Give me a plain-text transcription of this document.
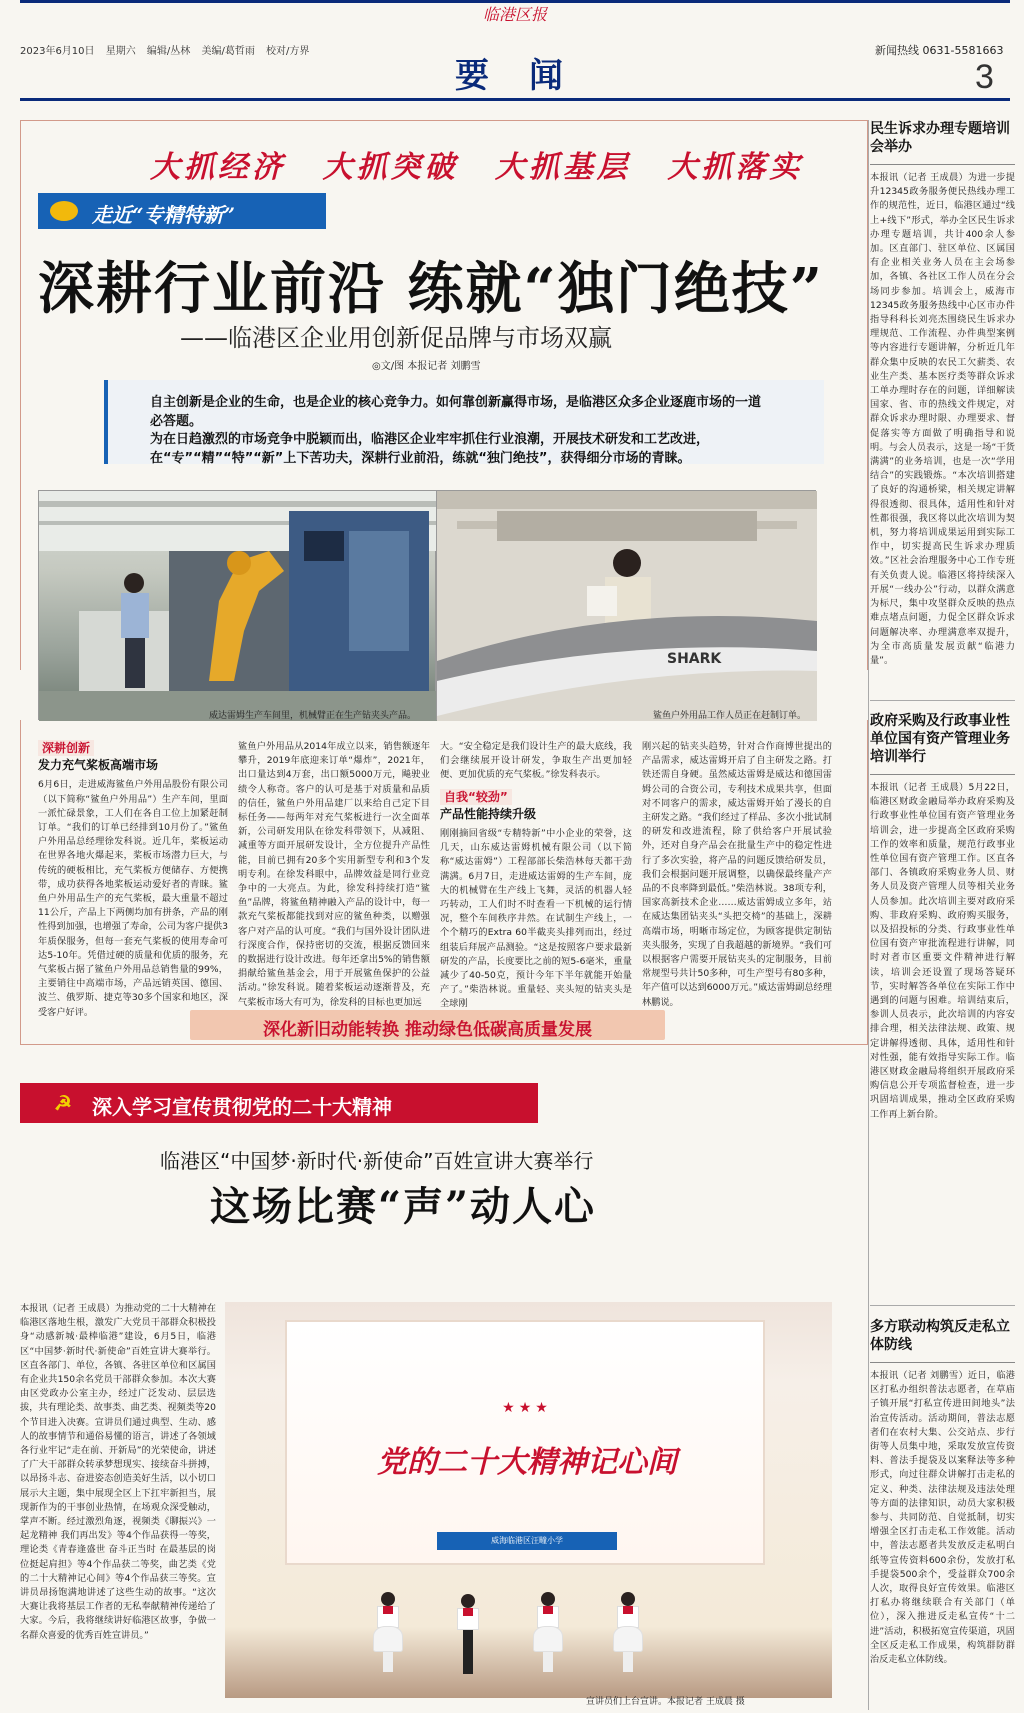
临港区报
2023年6月10日 星期六 编辑/丛林 美编/葛哲雨 校对/方界
要闻
新闻热线 0631-5581663
3
大抓经济 大抓突破 大抓基层 大抓落实
走近“专精特新”
深耕行业前沿 练就“独门绝技”
——临港区企业用创新促品牌与市场双赢
◎文/图 本报记者 刘鹏雪
自主创新是企业的生命，也是企业的核心竞争力。如何靠创新赢得市场，是临港区众多企业逐鹿市场的一道必答题。
为在日趋激烈的市场竞争中脱颖而出，临港区企业牢牢抓住行业浪潮，开展技术研发和工艺改进，在“专”“精”“特”“新”上下苦功夫，深耕行业前沿，练就“独门绝技”，获得细分市场的青睐。
SHARK
威达雷姆生产车间里，机械臂正在生产钻夹头产品。	鲨鱼户外用品工作人员正在赶制订单。
深耕创新
发力充气桨板高端市场
6月6日，走进威海鲨鱼户外用品股份有限公司（以下简称“鲨鱼户外用品”）生产车间，里面一派忙碌景象，工人们在各自工位上加紧赶制订单。“我们的订单已经排到10月份了。”鲨鱼户外用品总经理徐发科说。近几年，桨板运动在世界各地火爆起来，桨板市场潜力巨大，与传统的硬板相比，充气桨板方便储存、方便携带，成功获得各地桨板运动爱好者的青睐。鲨鱼户外用品生产的充气桨板，最大重量不超过11公斤，产品上下两侧均加有拼条，产品的刚性得到加强，也增强了寿命，公司为客户提供3年质保服务，但每一套充气桨板的使用寿命可达5-10年。凭借过硬的质量和优质的服务，充气桨板占据了鲨鱼户外用品总销售量的99%，主要销往中高端市场，产品远销英国、德国、波兰、俄罗斯、捷克等30多个国家和地区，深受客户好评。
鲨鱼户外用品从2014年成立以来，销售额逐年攀升，2019年底迎来订单“爆炸”，2021年，出口量达到4万套，出口额5000万元，飚驶业绩令人称奇。客户的认可是基于对质量和品质的信任，鲨鱼户外用品建厂以来给自己定下目标任务——每两年对充气桨板进行一次全面革新，公司研发用队在徐发科带领下，从减阻、减重等方面开展研发设计，全方位提升产品性能，目前已拥有20多个实用新型专利和3个发明专利。在徐发科眼中，品牌效益是同行业竞争中的一大亮点。为此，徐发科持续打造“鲨鱼”品牌，将鲨鱼精神融入产品的设计中，每一款充气桨板都能找到对应的鲨鱼种类，以赠强客户对产品的认可度。“我们与国外设计团队进行深度合作，保持密切的交流，根据反馈回来的数据进行设计改进。每年还拿出5%的销售额捐献给鲨鱼基金会，用于开展鲨鱼保护的公益活动。”徐发科说。随着桨板运动逐渐普及，充气桨板市场大有可为，徐发科的目标也更加远
大。“安全稳定是我们设计生产的最大底线，我们会继续展开设计研发，争取生产出更加轻便、更加优质的充气桨板。”徐发科表示。
自我“较劲”
产品性能持续升级
刚刚摘回省级“专精特新”中小企业的荣誉，这几天，山东威达雷姆机械有限公司（以下简称“威达雷姆”）工程部部长柴浩林每天都干劲满满。6月7日，走进威达雷姆的生产车间，庞大的机械臂在生产线上飞舞，灵活的机器人轻巧转动，工人们时不时查看一下机械的运行情况，整个车间秩序井然。在试制生产线上，一个个精巧的Extra 60半截夹头排列而出，经过组装后拜展产品测验。“这是按照客户要求最新研发的产品，长度要比之前的短5-6毫米，重量减少了40-50克，预计今年下半年就能开始量产了。”柴浩林说。重量轻、夹头短的钻夹头是全球刚
刚兴起的钻夹头趋势，针对合作商博世提出的产品需求，威达雷姆开启了自主研发之路。打铁还需自身硬。虽然威达雷姆是威达和德国雷姆公司的合资公司，专利技术成果共享，但面对不同客户的需求，威达雷姆开始了漫长的自主研发之路。“我们经过了样品、多次小批试制的研发和改进流程，除了供给客户开展试验外，还对自身产品会在批量生产中的稳定性进行了多次实验，将产品的问题反馈给研发员，我们会根据问题开展调整，以确保最终量产产品的不良率降到最低。”柴浩林说。38项专利，国家高新技术企业……威达雷姆成立多年，站在威达集团钻夹头“头把交椅”的基础上，深耕高端市场，明晰市场定位，为顾客提供定制钻夹头服务，实现了自我超越的新境界。“我们可以根据客户需要开展钻夹头的定制服务，目前常规型号共计50多种，可生产型号有80多种，年产值可以达到6000万元。”威达雷姆副总经理林鹏说。
深化新旧动能转换 推动绿色低碳高质量发展
☭	深入学习宣传贯彻党的二十大精神
临港区“中国梦·新时代·新使命”百姓宣讲大赛举行
这场比赛“声”动人心
本报讯（记者 王成晨）为推动党的二十大精神在临港区落地生根，激发广大党员干部群众积极投身“动感新城·最棒临港”建设，6月5日，临港区“中国梦·新时代·新使命”百姓宣讲大赛举行。区直各部门、单位，各镇、各驻区单位和区属国有企业共150余名党员干部群众参加。本次大赛由区党政办公室主办，经过广泛发动、层层选拔，共有理论类、故事类、曲艺类、视频类等20个节目进入决赛。宣讲员们通过典型、生动、感人的故事情节和通俗易懂的语言，讲述了各领域各行业牢记“走在前、开新局”的光荣使命，讲述了广大干部群众转承梦想现实、接续奋斗拼搏，以昂扬斗志、奋进姿态创造美好生活，以小切口展示大主题，集中展现全区上下扛牢新担当，展现新作为的干事创业热情，在场观众深受触动，掌声不断。经过激烈角逐，视频类《聊振兴》一起龙精神 我们再出发》等4个作品获得一等奖，理论类《青春逢盛世 奋斗正当时 在最基层的岗位挺起肩担》等4个作品获二等奖，曲艺类《党的二十大精神记心间》等4个作品获三等奖。宣讲员昂扬饱满地讲述了这些生动的故事。“这次大赛让我将基层工作者的无私奉献精神传递给了大家。今后，我将继续讲好临港区故事，争做一名群众喜爱的优秀百姓宣讲员。”
★★★
党的二十大精神记心间
威海临港区汪疃小学
宣讲员们上台宣讲。本报记者 王成晨 摄
民生诉求办理专题培训会举办
本报讯（记者 王成晨）为进一步提升12345政务服务便民热线办理工作的规范性，近日，临港区通过“线上+线下”形式，举办全区民生诉求办理专题培训，共计400余人参加。区直部门、驻区单位、区属国有企业相关业务人员在主会场参加，各镇、各社区工作人员在分会场同步参加。培训会上，威海市12345政务服务热线中心区市办件指导科科长刘亮杰围绕民生诉求办理规范、工作流程、办件典型案例等内容进行专题讲解，分析近几年群众集中反映的农民工欠薪类、农业生产类、基本医疗类等群众诉求工单办理时存在的问题，详细解读国家、省、市的热线文件规定，对群众诉求办理时限、办理要求、督促落实等方面做了明确指导和说明。与会人员表示，这是一场“干货满满”的业务培训，也是一次“学用结合”的实践锻炼。“本次培训搭建了良好的沟通桥梁，相关规定讲解得很透彻、很具体，适用性和针对性都很强，我区将以此次培训为契机，努力将培训成果运用到实际工作中，切实提高民生诉求办理质效。”区社会治理服务中心工作专班有关负责人说。临港区将持续深入开展“一线办公”行动，以群众满意为标尺，集中攻坚群众反映的热点难点堵点问题，力促全区群众诉求问题解决率、办理满意率双提升，为全市高质量发展贡献“临港力量”。
政府采购及行政事业性单位国有资产管理业务培训举行
本报讯（记者 王成晨）5月22日，临港区财政金融局举办政府采购及行政事业性单位国有资产管理业务培训会，进一步提高全区政府采购工作的效率和质量，规范行政事业性单位国有资产管理工作。区直各部门、各镇政府采购业务人员、财务人员及资产管理人员等相关业务人员参加。此次培训主要对政府采购、非政府采购、政府购买服务，以及招投标的分类、行政事业性单位国有资产审批流程进行讲解，同时对者市区重要文件精神进行解读，培训会还设置了现场答疑环节，实时解答各单位在实际工作中遇到的问题与困难。培训结束后，参训人员表示，此次培训的内容安排合理，相关法律法规、政策、规定讲解得透彻、具体，适用性和针对性强，能有效指导实际工作。临港区财政金融局将组织开展政府采购信息公开专项监督检查，进一步巩固培训成果，推动全区政府采购工作再上新台阶。
多方联动构筑反走私立体防线
本报讯（记者 刘鹏雪）近日，临港区打私办组织普法志愿者，在草庙子镇开展“打私宣传进田间地头”法治宣传活动。活动期间，普法志愿者们在农村大集、公交站点、步行街等人员集中地，采取发放宣传资料、普法手提袋及以案释法等多种形式，向过往群众讲解打击走私的定义、种类、法律法规及违法处理等方面的法律知识，动员大家积极参与、共同防范、自觉抵制，切实增强全区打击走私工作效能。活动中，普法志愿者共发放反走私明白纸等宣传资料600余份，发放打私手提袋500余个，受益群众700余人次，取得良好宣传效果。临港区打私办将继续联合有关部门（单位），深入推进反走私宣传“十二进”活动，积极拓宽宣传渠道，巩固全区反走私工作成果，构筑群防群治反走私立体防线。
